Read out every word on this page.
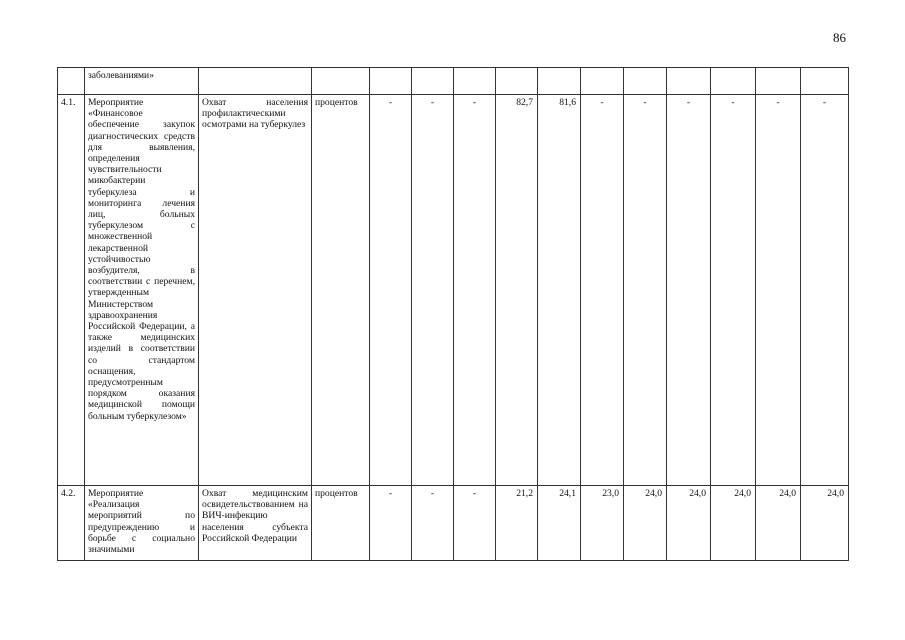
86
	заболеваниями»													
4.1.	Мероприятие «Финансовое обеспечение закупок диагностических средств для выявления, определения чувствительности микобактерии туберкулеза и мониторинга лечения лиц, больных туберкулезом с множественной лекарственной устойчивостью возбудителя, в соответствии с перечнем, утвержденным Министерством здравоохранения Российской Федерации, а также медицинских изделий в соответствии со стандартом оснащения, предусмотренным порядком оказания медицинской помощи больным туберкулезом»	Охват населения профилактическими осмотрами на туберкулез	процентов	-	-	-	82,7	81,6	-	-	-	-	-	-
4.2.	Мероприятие «Реализация мероприятий по предупреждению и борьбе с социально значимыми	Охват медицинским освидетельствованием на ВИЧ-инфекцию населения субъекта Российской Федерации	процентов	-	-	-	21,2	24,1	23,0	24,0	24,0	24,0	24,0	24,0
